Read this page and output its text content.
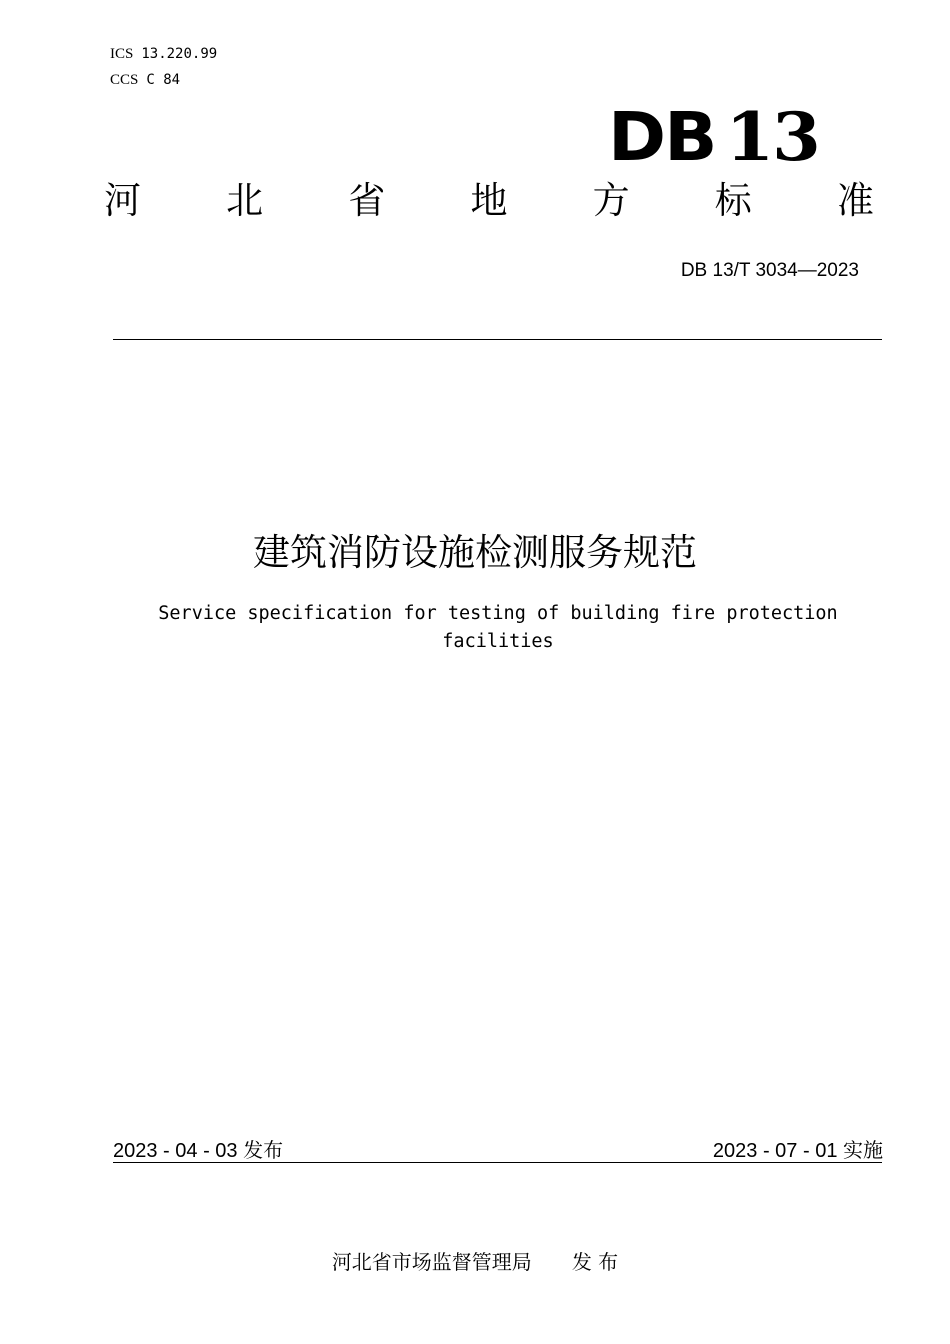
ICS 13.220.99
CCS C 84
DB 13
河 北 省 地 方 标 准
DB 13/T 3034—2023
建筑消防设施检测服务规范
Service specification for testing of building fire protection facilities
2023 - 04 - 03 发布	2023 - 07 - 01 实施
河北省市场监督管理局 发 布
